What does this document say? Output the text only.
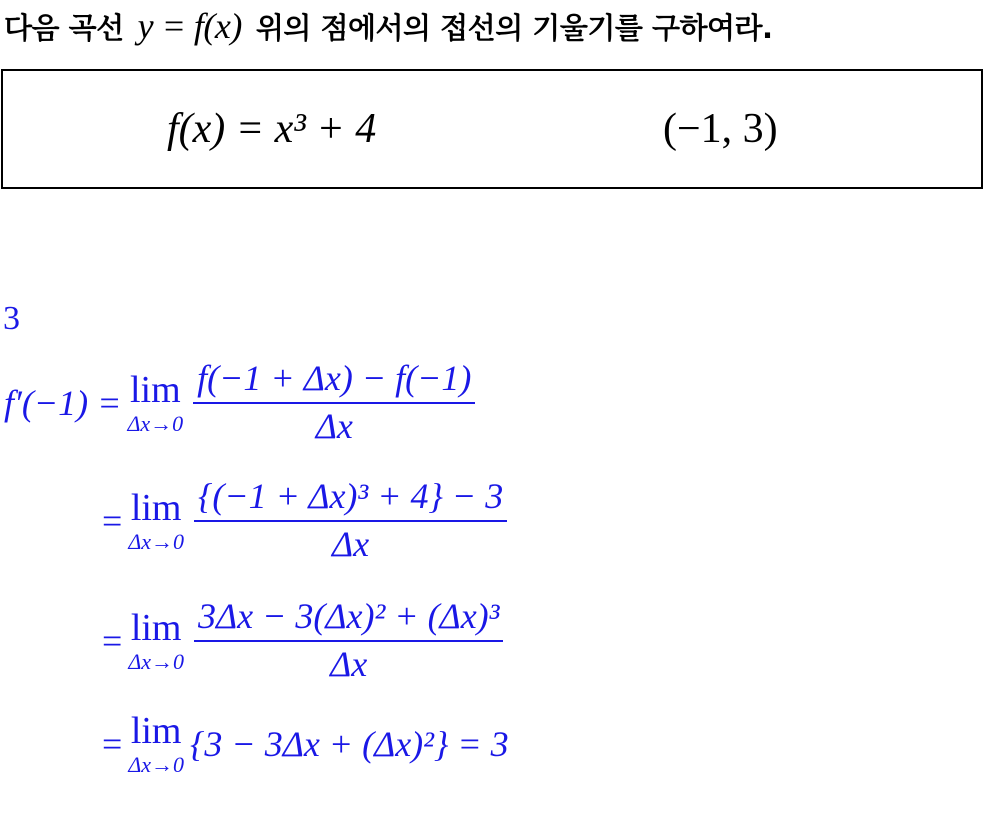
다음 곡선 y = f(x) 위의 점에서의 접선의 기울기를 구하여라.
f(x) = x³ + 4	(−1, 3)
3
f′(−1) = lim
$\Delta x\to 0 \frac{f(-1 + \Delta x) - f(-1)}{\Delta x}$
= lim
$\Delta x\to 0 \frac{\text{\{(−1 + Δx)³ + 4\} − 3}}{\Delta x}$
= lim
$\Delta x\to 0 \frac{\text{3Δx − 3(Δx)² + (Δx)³}}{\Delta x}$
= lim
Δx→0
{3 − 3Δx + (Δx)²} = 3
